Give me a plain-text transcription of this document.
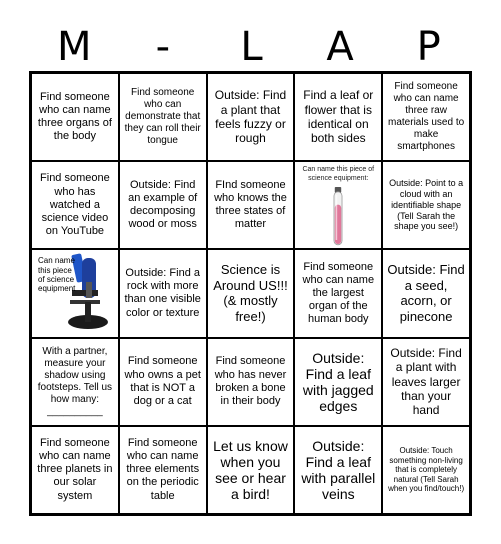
M	-	L	A	P
Find someone who can name three organs of the body
Find someone who can demonstrate that they can roll their tongue
Outside: Find a plant that feels fuzzy or rough
Find a leaf or flower that is identical on both sides
Find someone who can name three raw materials used to make smartphones
Find someone who has watched a science video on YouTube
Outside: Find an example of decomposing wood or moss
FInd someone who knows the three states of matter
Can name this piece of science equipment:
Outside: Point to a cloud with an identifiable shape (Tell Sarah the shape you see!)
Can name this piece of science equipment
Outside: Find a rock with more than one visible color or texture
Science is Around US!!! (& mostly free!)
Find someone who can name the largest organ of the human body
Outside: Find a seed, acorn, or pinecone
With a partner, measure your shadow using footsteps. Tell us how many: __________
Find someone who owns a pet that is NOT a dog or a cat
Find someone who has never broken a bone in their body
Outside: Find a leaf with jagged edges
Outside: Find a plant with leaves larger than your hand
Find someone who can name three planets in our solar system
Find someone who can name three elements on the periodic table
Let us know when you see or hear a bird!
Outside: Find a leaf with parallel veins
Outside: Touch something non-living that is completely natural (Tell Sarah when you find/touch!)
